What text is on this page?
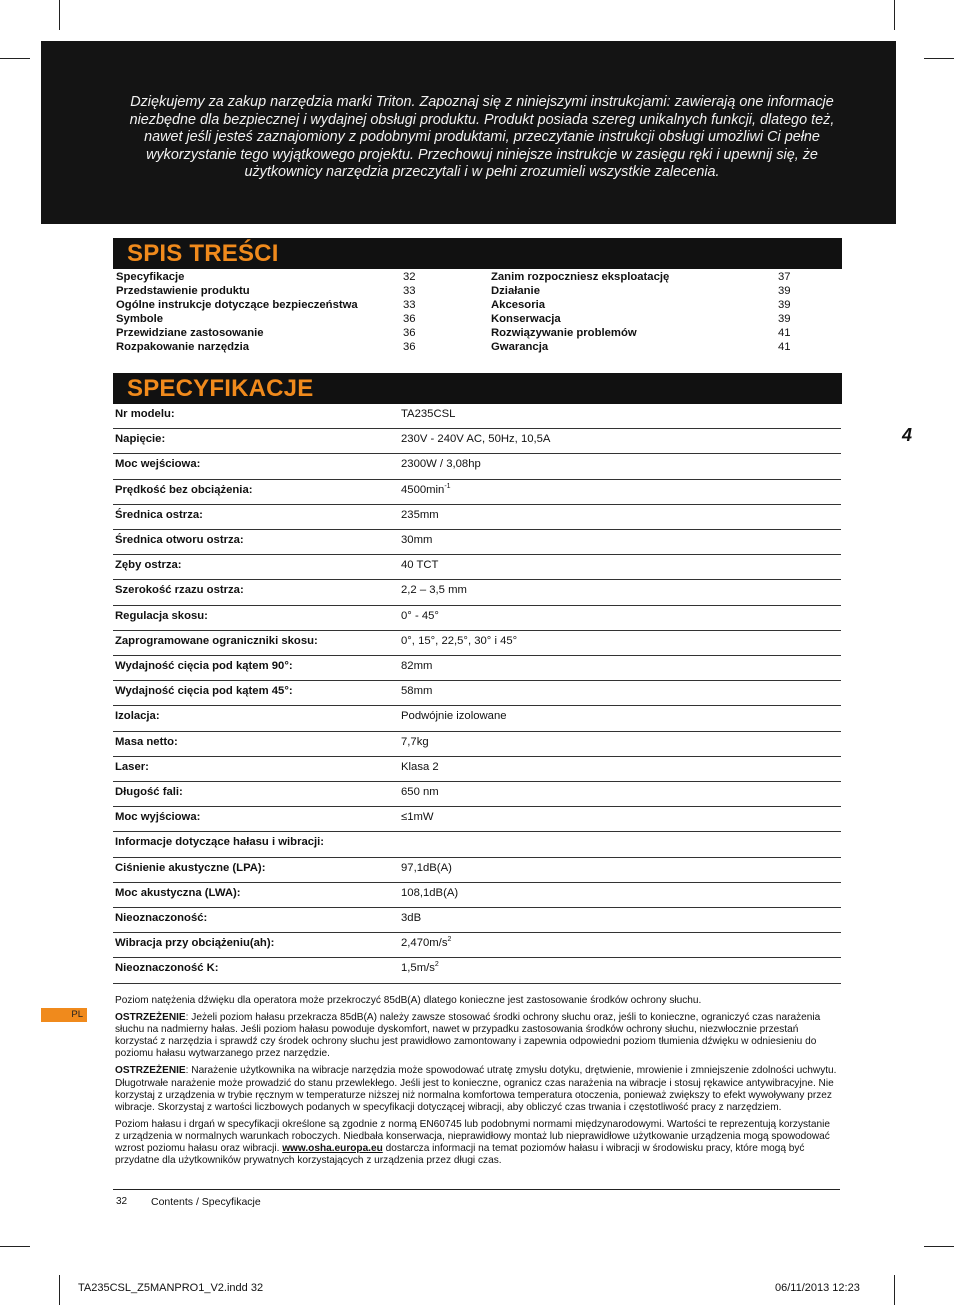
Dziękujemy za zakup narzędzia marki Triton. Zapoznaj się z niniejszymi instrukcjami: zawierają one informacje niezbędne dla bezpiecznej i wydajnej obsługi produktu. Produkt posiada szereg unikalnych funkcji, dlatego też, nawet jeśli jesteś zaznajomiony z podobnymi produktami, przeczytanie instrukcji obsługi umożliwi Ci pełne wykorzystanie tego wyjątkowego projektu. Przechowuj niniejsze instrukcje w zasięgu ręki i upewnij się, że użytkownicy narzędzia przeczytali i w pełni zrozumieli wszystkie zalecenia.

SPIS TREŚCI
Specyfikacje	32
Przedstawienie produktu	33
Ogólne instrukcje dotyczące bezpieczeństwa	33
Symbole	36
Przewidziane zastosowanie	36
Rozpakowanie narzędzia	36
Zanim rozpoczniesz eksploatację	37
Działanie	39
Akcesoria	39
Konserwacja	39
Rozwiązywanie problemów	41
Gwarancja	41
SPECYFIKACJE
Nr modelu:	TA235CSL
Napięcie:	230V - 240V AC, 50Hz, 10,5A
Moc wejściowa:	2300W / 3,08hp
Prędkość bez obciążenia:	$4500\min^{-1}$
Średnica ostrza:	235mm
Średnica otworu ostrza:	30mm
Zęby ostrza:	40 TCT
Szerokość rzazu ostrza:	2,2 – 3,5 mm
Regulacja skosu:	0° - 45°
Zaprogramowane ograniczniki skosu:	0°, 15°, 22,5°, 30° i 45°
Wydajność cięcia pod kątem 90°:	82mm
Wydajność cięcia pod kątem 45°:	58mm
Izolacja:	Podwójnie izolowane
Masa netto:	7,7kg
Laser:	Klasa 2
Długość fali:	650 nm
Moc wyjściowa:	≤1mW
Informacje dotyczące hałasu i wibracji:
Ciśnienie akustyczne (LPA):	97,1dB(A)
Moc akustyczna (LWA):	108,1dB(A)
Nieoznaczoność:	3dB
Wibracja przy obciążeniu(ah):	$2,470m/s^2$
Nieoznaczoność K:	$1,5m/s^2$
4
PL

Poziom natężenia dźwięku dla operatora może przekroczyć 85dB(A) dlatego konieczne jest zastosowanie środków ochrony słuchu.

OSTRZEŻENIE: Jeżeli poziom hałasu przekracza 85dB(A) należy zawsze stosować środki ochrony słuchu oraz, jeśli to konieczne, ograniczyć czas narażenia słuchu na nadmierny hałas. Jeśli poziom hałasu powoduje dyskomfort, nawet w przypadku zastosowania środków ochrony słuchu, niezwłocznie przestań korzystać z narzędzia i sprawdź czy środek ochrony słuchu jest prawidłowo zamontowany i zapewnia odpowiedni poziom tłumienia dźwięku w odniesieniu do poziomu hałasu wytwarzanego przez narzędzie.

OSTRZEŻENIE: Narażenie użytkownika na wibracje narzędzia może spowodować utratę zmysłu dotyku, drętwienie, mrowienie i zmniejszenie zdolności uchwytu. Długotrwałe narażenie może prowadzić do stanu przewlekłego. Jeśli jest to konieczne, ogranicz czas narażenia na wibracje i stosuj rękawice antywibracyjne. Nie korzystaj z urządzenia w trybie ręcznym w temperaturze niższej niż normalna komfortowa temperatura otoczenia, ponieważ zwiększy to efekt wywoływany przez wibracje. Skorzystaj z wartości liczbowych podanych w specyfikacji dotyczącej wibracji, aby obliczyć czas trwania i częstotliwość pracy z narzędziem.

Poziom hałasu i drgań w specyfikacji określone są zgodnie z normą EN60745 lub podobnymi normami międzynarodowymi. Wartości te reprezentują korzystanie z urządzenia w normalnych warunkach roboczych. Niedbała konserwacja, nieprawidłowy montaż lub nieprawidłowe użytkowanie urządzenia mogą spowodować wzrost poziomu hałasu oraz wibracji. www.osha.europa.eu dostarcza informacji na temat poziomów hałasu i wibracji w środowisku pracy, które mogą być przydatne dla użytkowników prywatnych korzystających z urządzenia przez długi czas.

32 Contents / Specyfikacje
TA235CSL_Z5MANPRO1_V2.indd 32	06/11/2013 12:23
